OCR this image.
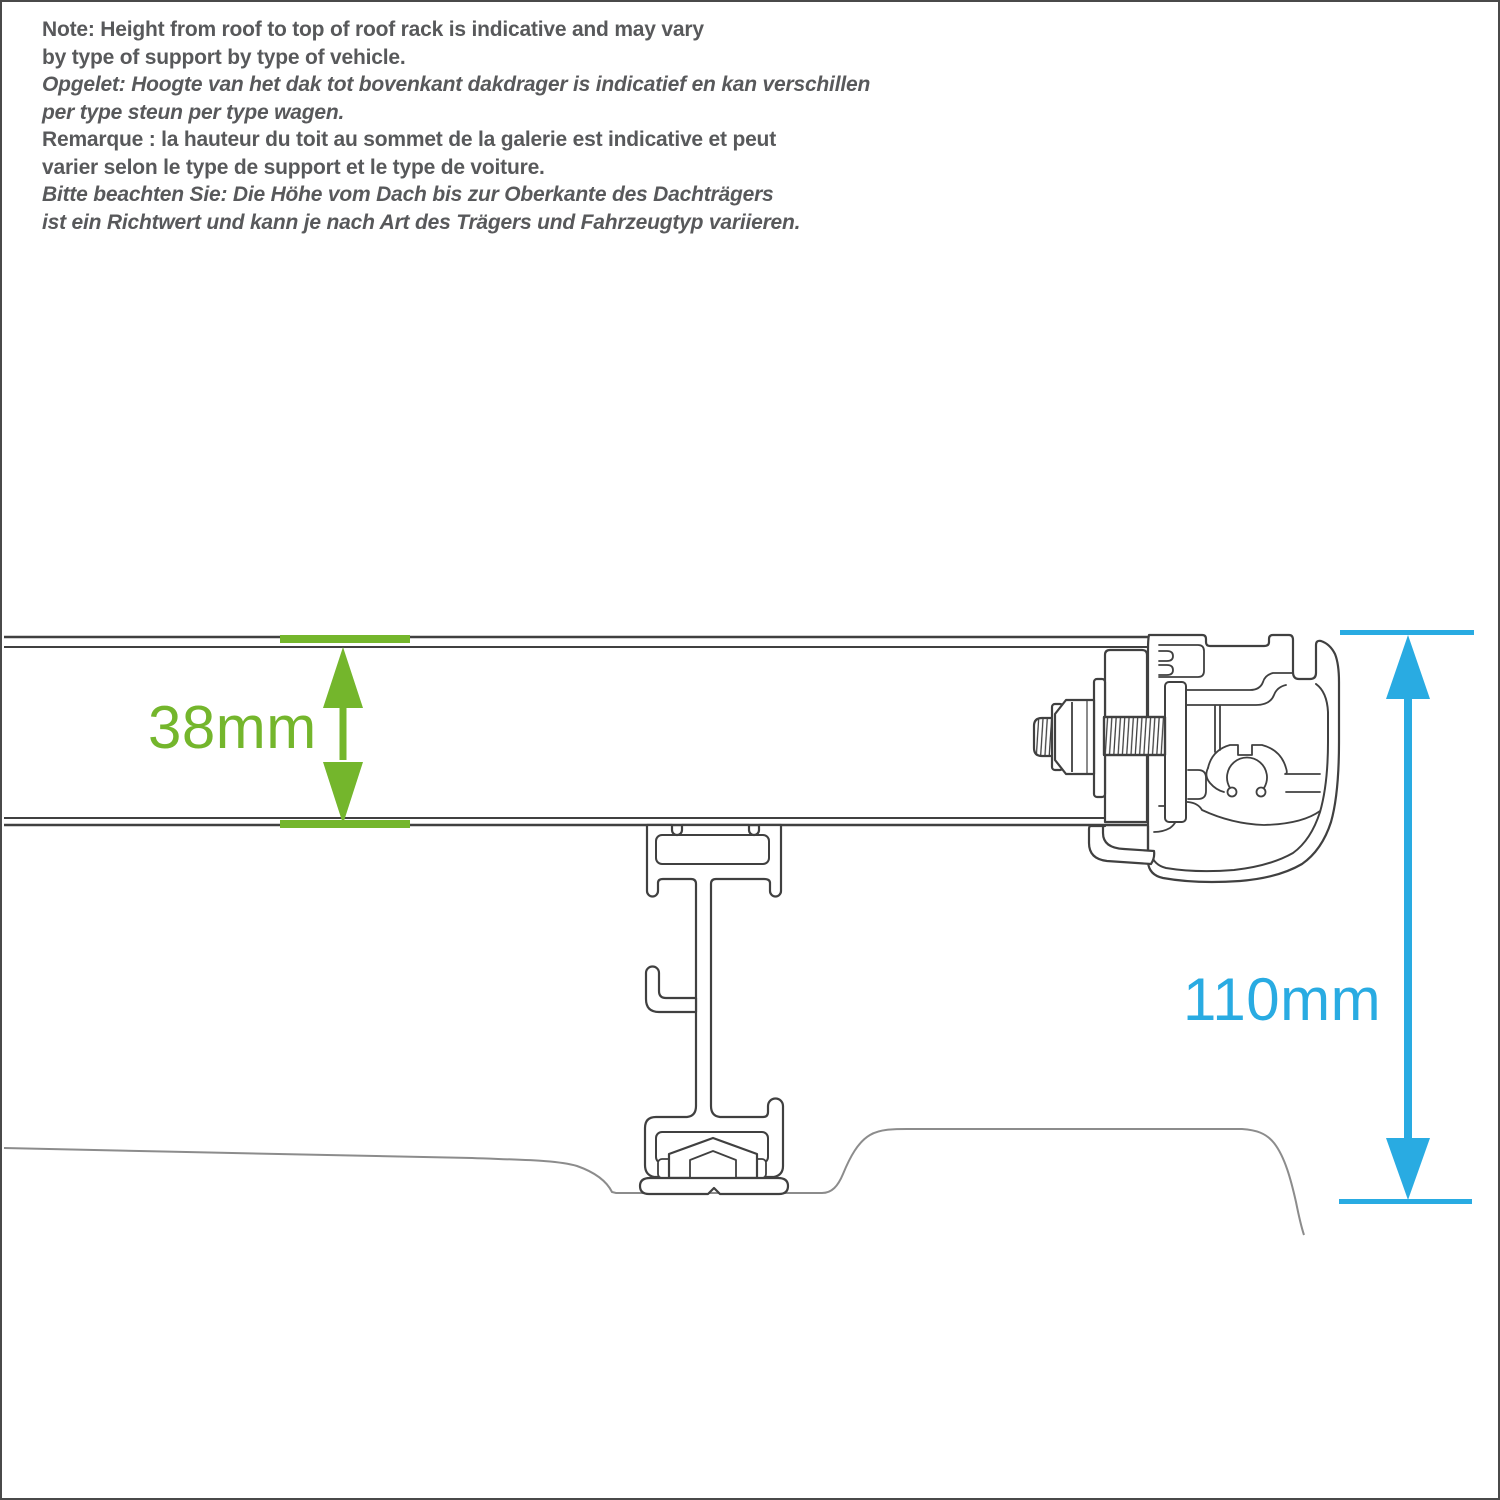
Note: Height from roof to top of roof rack is indicative and may vary

by type of support by type of vehicle.

Opgelet: Hoogte van het dak tot bovenkant dakdrager is indicatief en kan verschillen

per type steun per type wagen.

Remarque : la hauteur du toit au sommet de la galerie est indicative et peut

varier selon le type de support et le type de voiture.

Bitte beachten Sie: Die Höhe vom Dach bis zur Oberkante des Dachträgers

ist ein Richtwert und kann je nach Art des Trägers und Fahrzeugtyp variieren.

38mm
110mm
